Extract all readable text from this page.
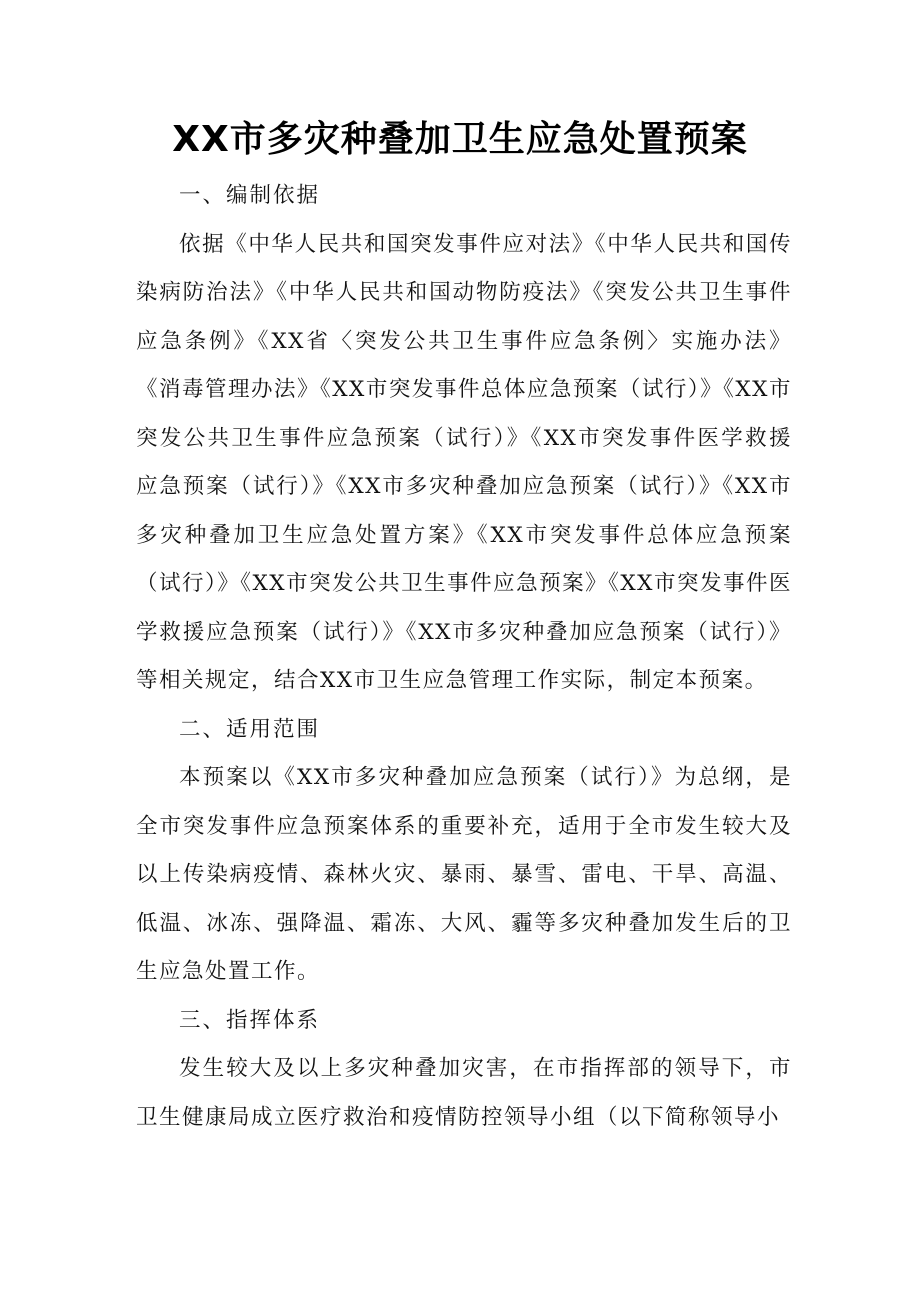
XX市多灾种叠加卫生应急处置预案

一、编制依据

依据《中华人民共和国突发事件应对法》《中华人民共和国传染病防治法》《中华人民共和国动物防疫法》《突发公共卫生事件应急条例》《XX省〈突发公共卫生事件应急条例〉实施办法》《消毒管理办法》《XX市突发事件总体应急预案（试行）》《XX市突发公共卫生事件应急预案（试行）》《XX市突发事件医学救援应急预案（试行）》《XX市多灾种叠加应急预案（试行）》《XX市多灾种叠加卫生应急处置方案》《XX市突发事件总体应急预案（试行）》《XX市突发公共卫生事件应急预案》《XX市突发事件医学救援应急预案（试行）》《XX市多灾种叠加应急预案（试行）》等相关规定，结合XX市卫生应急管理工作实际，制定本预案。

二、适用范围

本预案以《XX市多灾种叠加应急预案（试行）》为总纲，是全市突发事件应急预案体系的重要补充，适用于全市发生较大及以上传染病疫情、森林火灾、暴雨、暴雪、雷电、干旱、高温、低温、冰冻、强降温、霜冻、大风、霾等多灾种叠加发生后的卫生应急处置工作。

三、指挥体系

发生较大及以上多灾种叠加灾害，在市指挥部的领导下，市卫生健康局成立医疗救治和疫情防控领导小组（以下简称领导小
